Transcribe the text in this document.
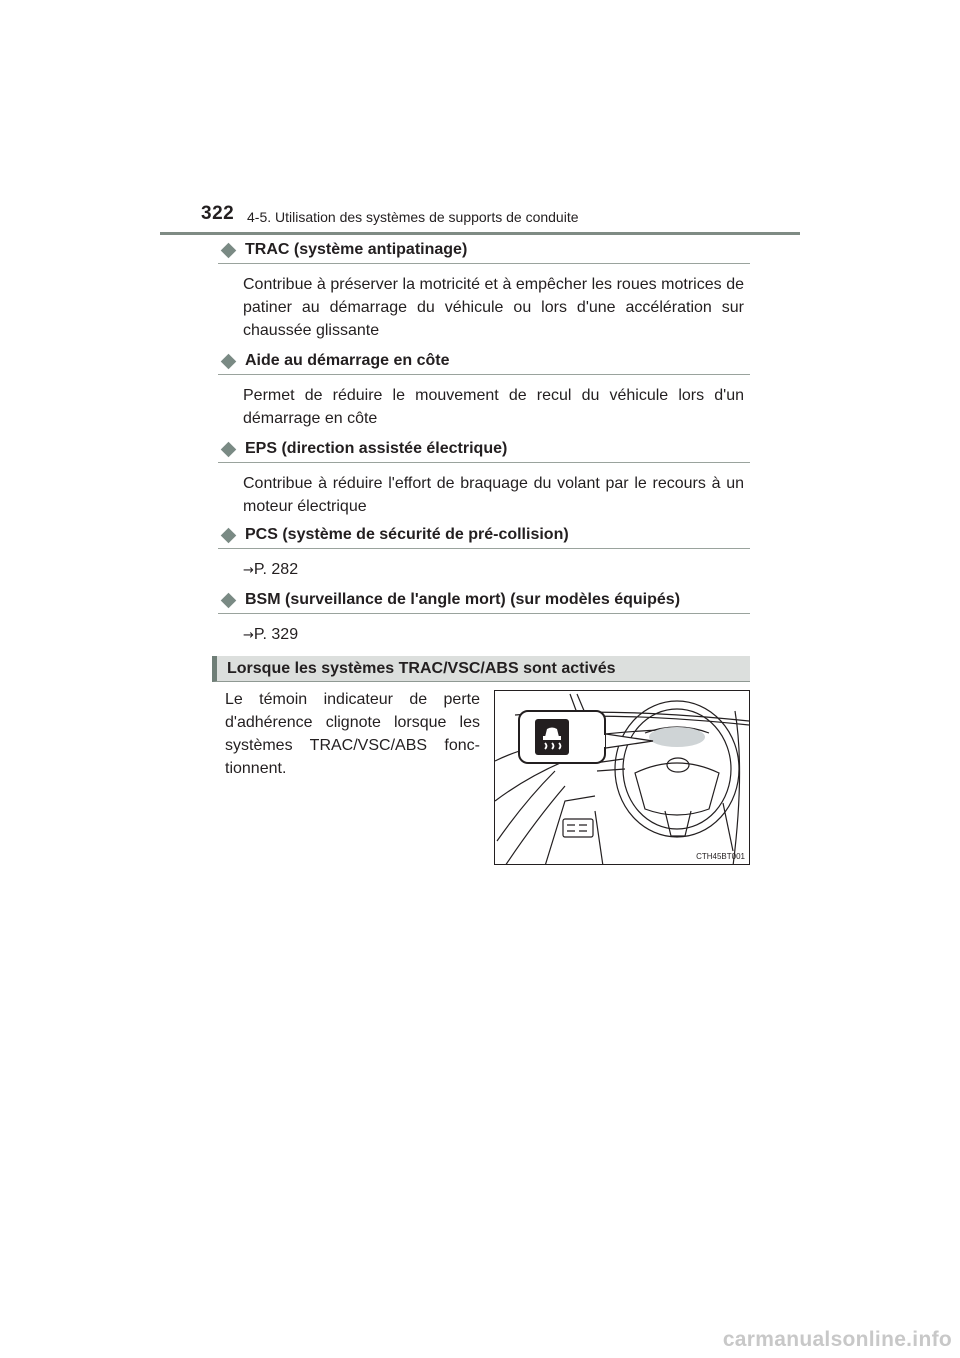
322 4-5. Utilisation des systèmes de supports de conduite
TRAC (système antipatinage)
Contribue à préserver la motricité et à empêcher les roues motrices de patiner au démarrage du véhicule ou lors d'une accélération sur chaussée glissante
Aide au démarrage en côte
Permet de réduire le mouvement de recul du véhicule lors d'un démarrage en côte
EPS (direction assistée électrique)
Contribue à réduire l'effort de braquage du volant par le recours à un moteur électrique
PCS (système de sécurité de pré-collision)
→P. 282
BSM (surveillance de l'angle mort) (sur modèles équipés)
→P. 329
Lorsque les systèmes TRAC/VSC/ABS sont activés
Le témoin indicateur de perte d'adhérence clignote lorsque les systèmes TRAC/VSC/ABS fonc-tionnent.
CTH45BT001
carmanualsonline.info
